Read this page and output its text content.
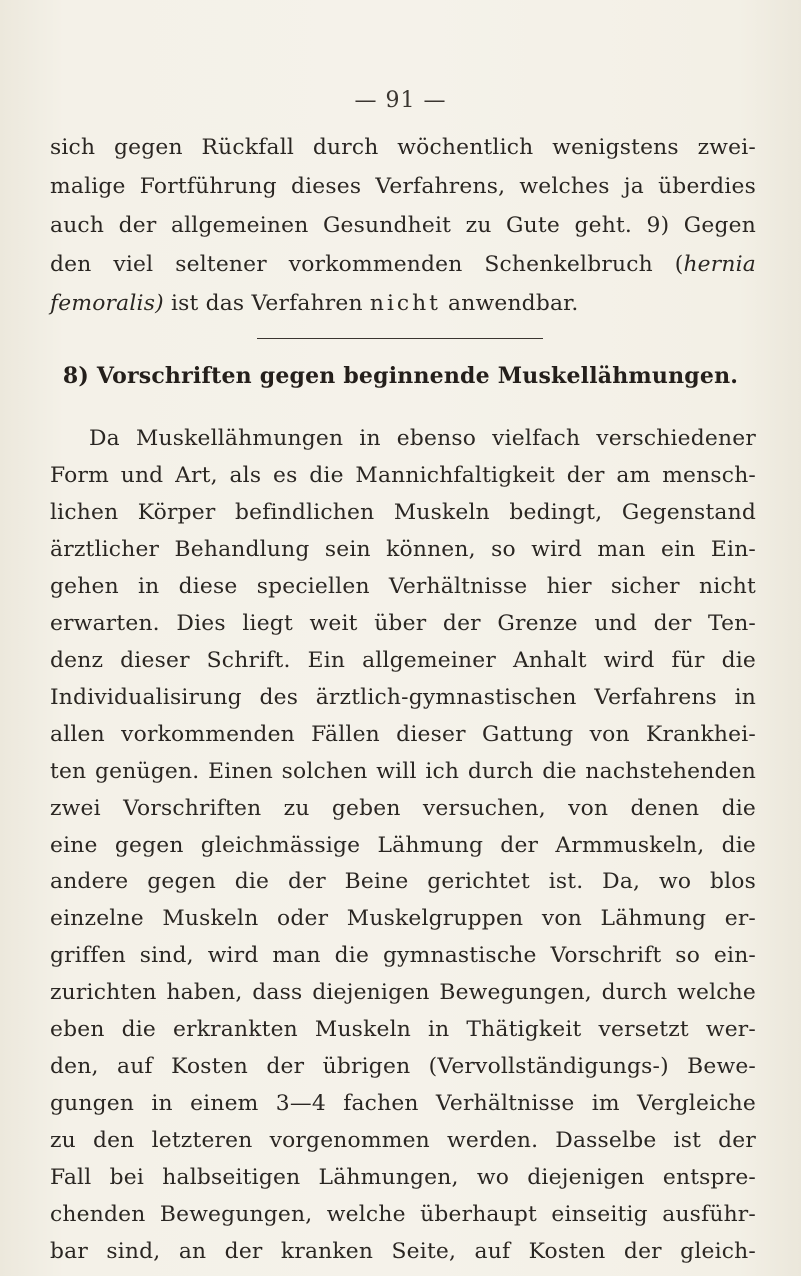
— 91 —
sich gegen Rückfall durch wöchentlich wenigstens zwei-
malige Fortführung dieses Verfahrens, welches ja überdies
auch der allgemeinen Gesundheit zu Gute geht. 9) Gegen
den viel seltener vorkommenden Schenkelbruch (hernia
femoralis) ist das Verfahren nicht anwendbar.
8) Vorschriften gegen beginnende Muskellähmungen.
Da Muskellähmungen in ebenso vielfach verschiedener
Form und Art, als es die Mannichfaltigkeit der am mensch-
lichen Körper befindlichen Muskeln bedingt, Gegenstand
ärztlicher Behandlung sein können, so wird man ein Ein-
gehen in diese speciellen Verhältnisse hier sicher nicht
erwarten. Dies liegt weit über der Grenze und der Ten-
denz dieser Schrift. Ein allgemeiner Anhalt wird für die
Individualisirung des ärztlich-gymnastischen Verfahrens in
allen vorkommenden Fällen dieser Gattung von Krankhei-
ten genügen. Einen solchen will ich durch die nachstehenden
zwei Vorschriften zu geben versuchen, von denen die
eine gegen gleichmässige Lähmung der Armmuskeln, die
andere gegen die der Beine gerichtet ist. Da, wo blos
einzelne Muskeln oder Muskelgruppen von Lähmung er-
griffen sind, wird man die gymnastische Vorschrift so ein-
zurichten haben, dass diejenigen Bewegungen, durch welche
eben die erkrankten Muskeln in Thätigkeit versetzt wer-
den, auf Kosten der übrigen (Vervollständigungs-) Bewe-
gungen in einem 3—4 fachen Verhältnisse im Vergleiche
zu den letzteren vorgenommen werden. Dasselbe ist der
Fall bei halbseitigen Lähmungen, wo diejenigen entspre-
chenden Bewegungen, welche überhaupt einseitig ausführ-
bar sind, an der kranken Seite, auf Kosten der gleich-
